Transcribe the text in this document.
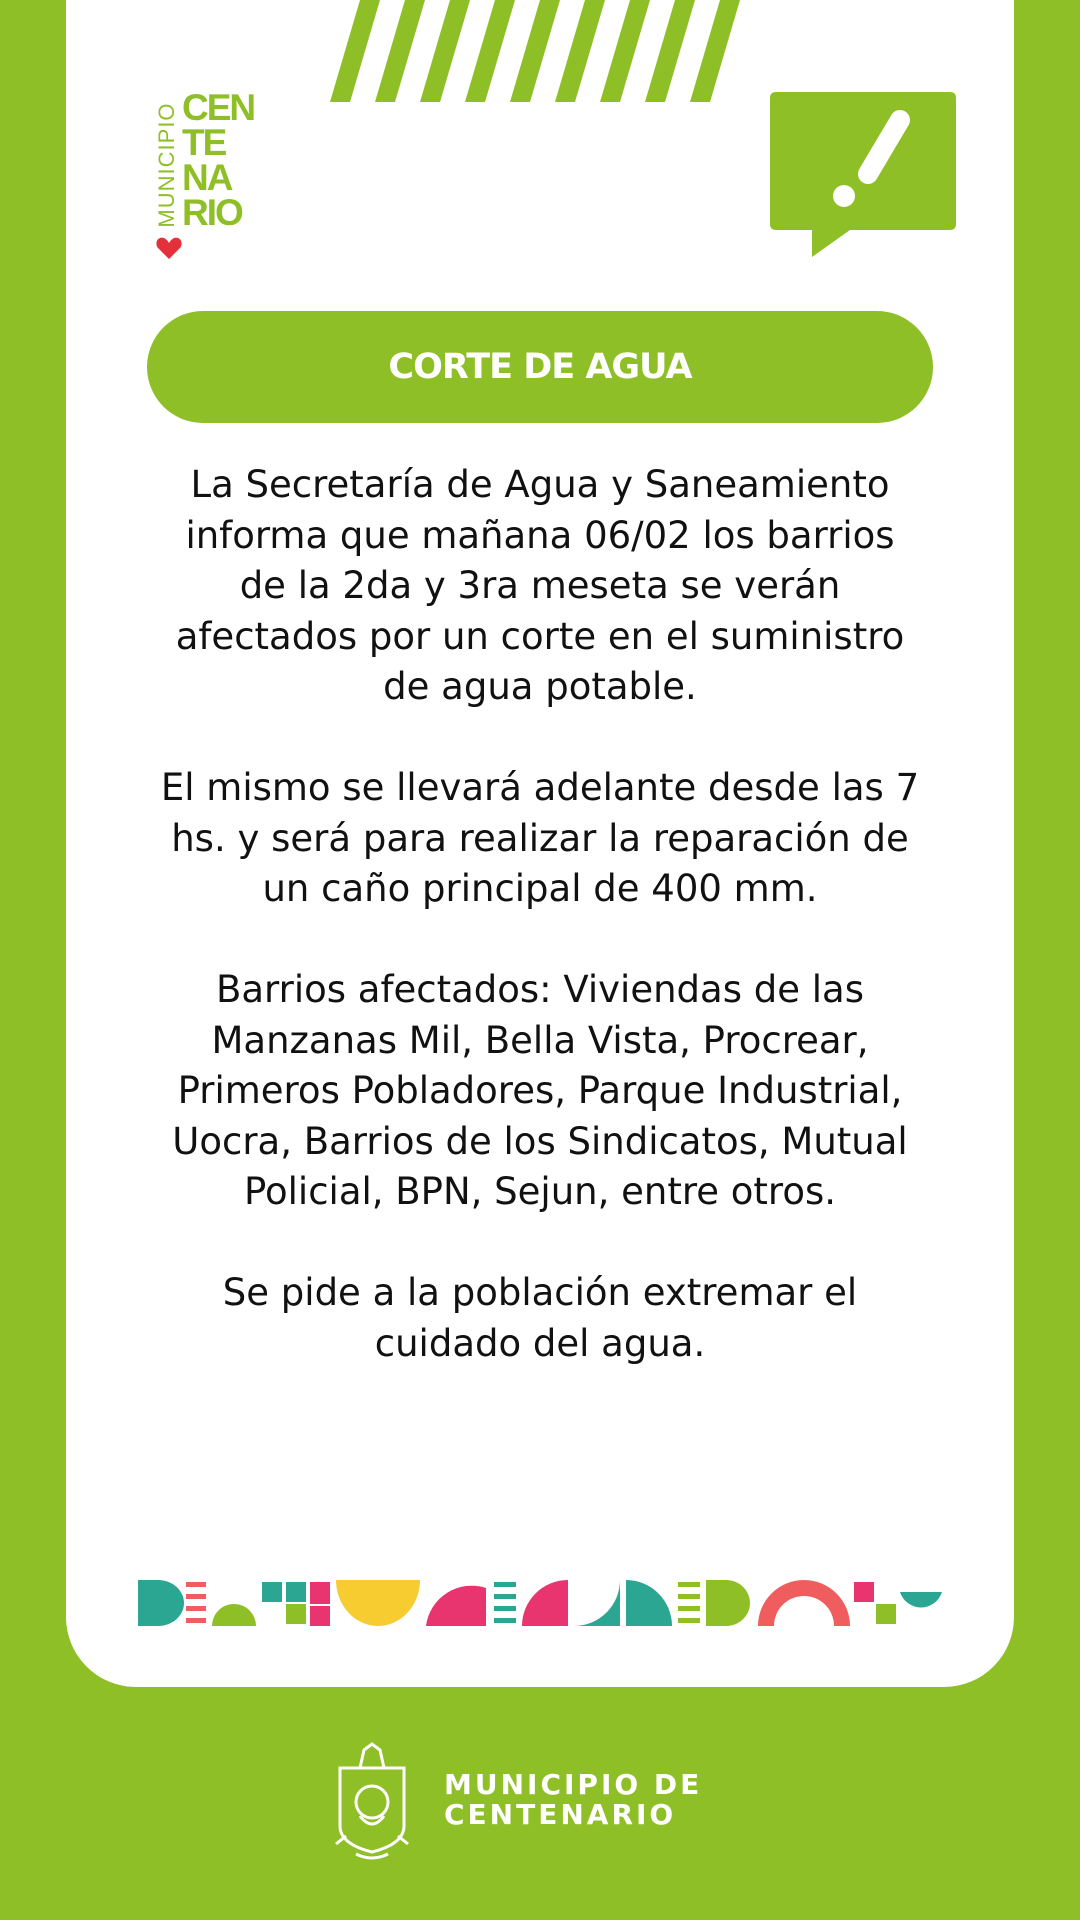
MUNICIPIO CEN
TE
NA
RIO
CORTE DE AGUA

La Secretaría de Agua y Saneamiento informa que mañana 06/02 los barrios de la 2da y 3ra meseta se verán afectados por un corte en el suministro de agua potable.

El mismo se llevará adelante desde las 7 hs. y será para realizar la reparación de un caño principal de 400 mm.

Barrios afectados: Viviendas de las Manzanas Mil, Bella Vista, Procrear, Primeros Pobladores, Parque Industrial, Uocra, Barrios de los Sindicatos, Mutual Policial, BPN, Sejun, entre otros.

Se pide a la población extremar el cuidado del agua.

MUNICIPIO DE
CENTENARIO
